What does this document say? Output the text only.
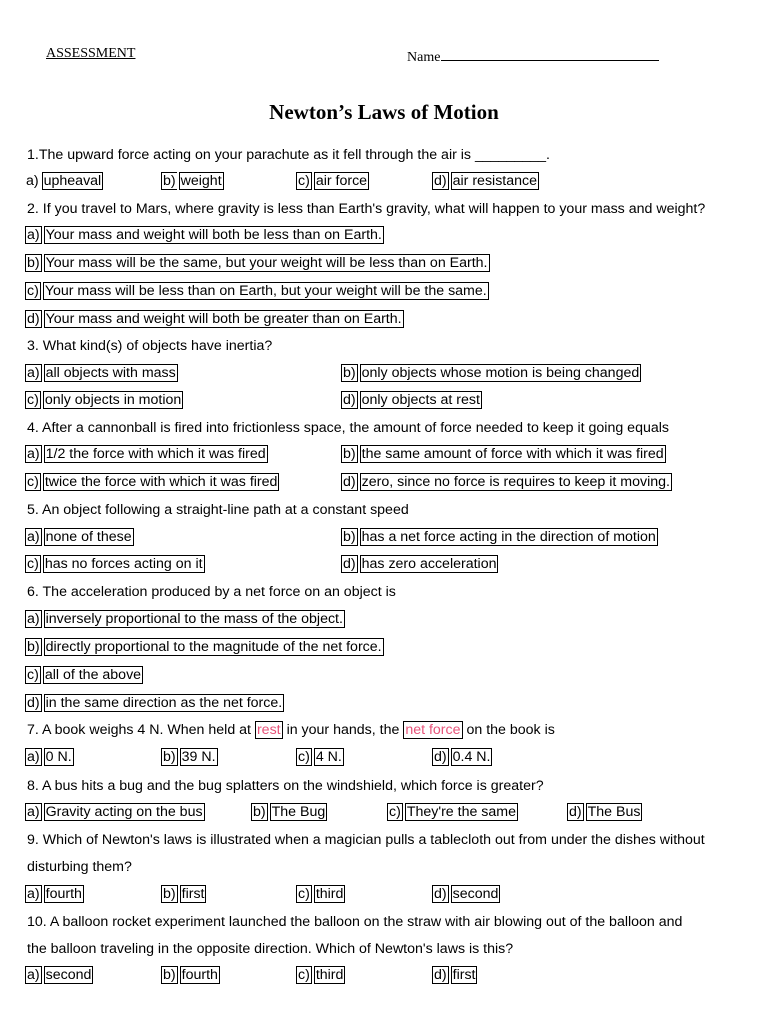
ASSESSMENT	Name
Newton’s Laws of Motion
1.The upward force acting on your parachute as it fell through the air is _________.
a) upheaval	b) weight	c) air force	d) air resistance
2. If you travel to Mars, where gravity is less than Earth's gravity, what will happen to your mass and weight?
a) Your mass and weight will both be less than on Earth.
b) Your mass will be the same, but your weight will be less than on Earth.
c) Your mass will be less than on Earth, but your weight will be the same.
d) Your mass and weight will both be greater than on Earth.
3. What kind(s) of objects have inertia?
a) all objects with mass	b) only objects whose motion is being changed
c) only objects in motion	d) only objects at rest
4. After a cannonball is fired into frictionless space, the amount of force needed to keep it going equals
a) 1/2 the force with which it was fired	b) the same amount of force with which it was fired
c) twice the force with which it was fired	d) zero, since no force is requires to keep it moving.
5. An object following a straight-line path at a constant speed
a) none of these	b) has a net force acting in the direction of motion
c) has no forces acting on it	d) has zero acceleration
6. The acceleration produced by a net force on an object is
a) inversely proportional to the mass of the object.
b) directly proportional to the magnitude of the net force.
c) all of the above
d) in the same direction as the net force.
7. A book weighs 4 N. When held at rest in your hands, the net force on the book is
a) 0 N.	b) 39 N.	c) 4 N.	d) 0.4 N.
8. A bus hits a bug and the bug splatters on the windshield, which force is greater?
a) Gravity acting on the bus	b) The Bug	c) They're the same	d) The Bus
9. Which of Newton's laws is illustrated when a magician pulls a tablecloth out from under the dishes without
disturbing them?
a) fourth	b) first	c) third	d) second
10. A balloon rocket experiment launched the balloon on the straw with air blowing out of the balloon and
the balloon traveling in the opposite direction. Which of Newton's laws is this?
a) second	b) fourth	c) third	d) first
